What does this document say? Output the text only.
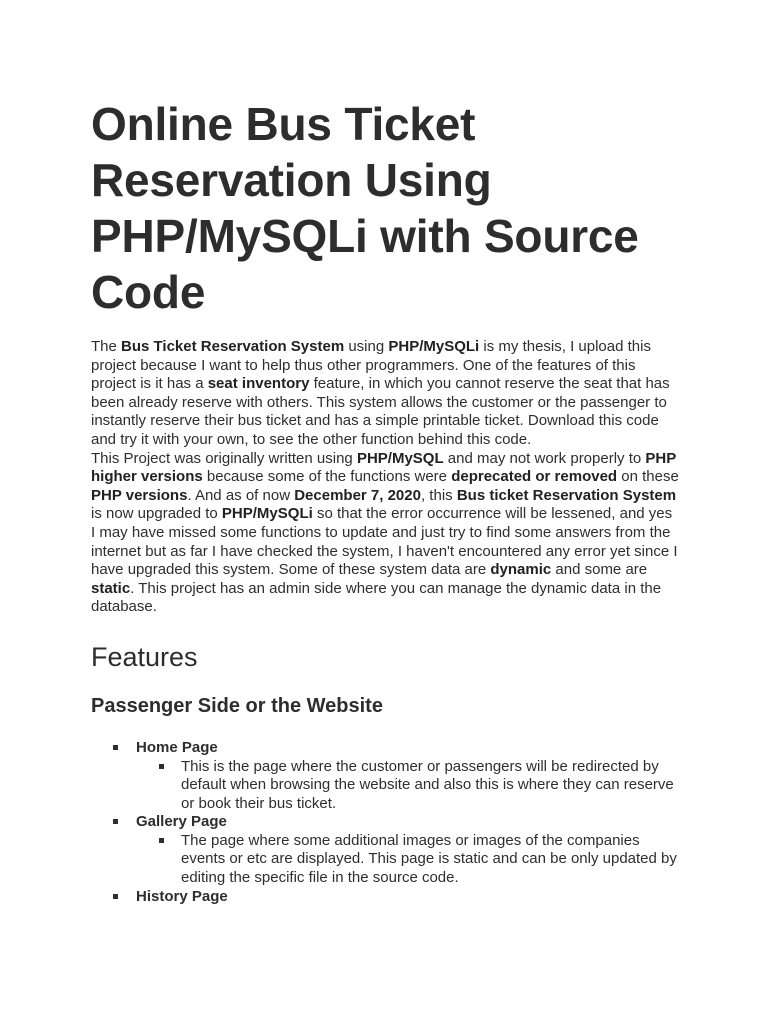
Online Bus Ticket Reservation Using PHP/MySQLi with Source Code

The Bus Ticket Reservation System using PHP/MySQLi is my thesis, I upload this project because I want to help thus other programmers. One of the features of this project is it has a seat inventory feature, in which you cannot reserve the seat that has been already reserve with others. This system allows the customer or the passenger to instantly reserve their bus ticket and has a simple printable ticket. Download this code and try it with your own, to see the other function behind this code.

This Project was originally written using PHP/MySQL and may not work properly to PHP higher versions because some of the functions were deprecated or removed on these PHP versions. And as of now December 7, 2020, this Bus ticket Reservation System is now upgraded to PHP/MySQLi so that the error occurrence will be lessened, and yes I may have missed some functions to update and just try to find some answers from the internet but as far I have checked the system, I haven't encountered any error yet since I have upgraded this system. Some of these system data are dynamic and some are static. This project has an admin side where you can manage the dynamic data in the database.

Features
Passenger Side or the Website
Home Page
This is the page where the customer or passengers will be redirected by default when browsing the website and also this is where they can reserve or book their bus ticket.
Gallery Page
The page where some additional images or images of the companies events or etc are displayed. This page is static and can be only updated by editing the specific file in the source code.
History Page
